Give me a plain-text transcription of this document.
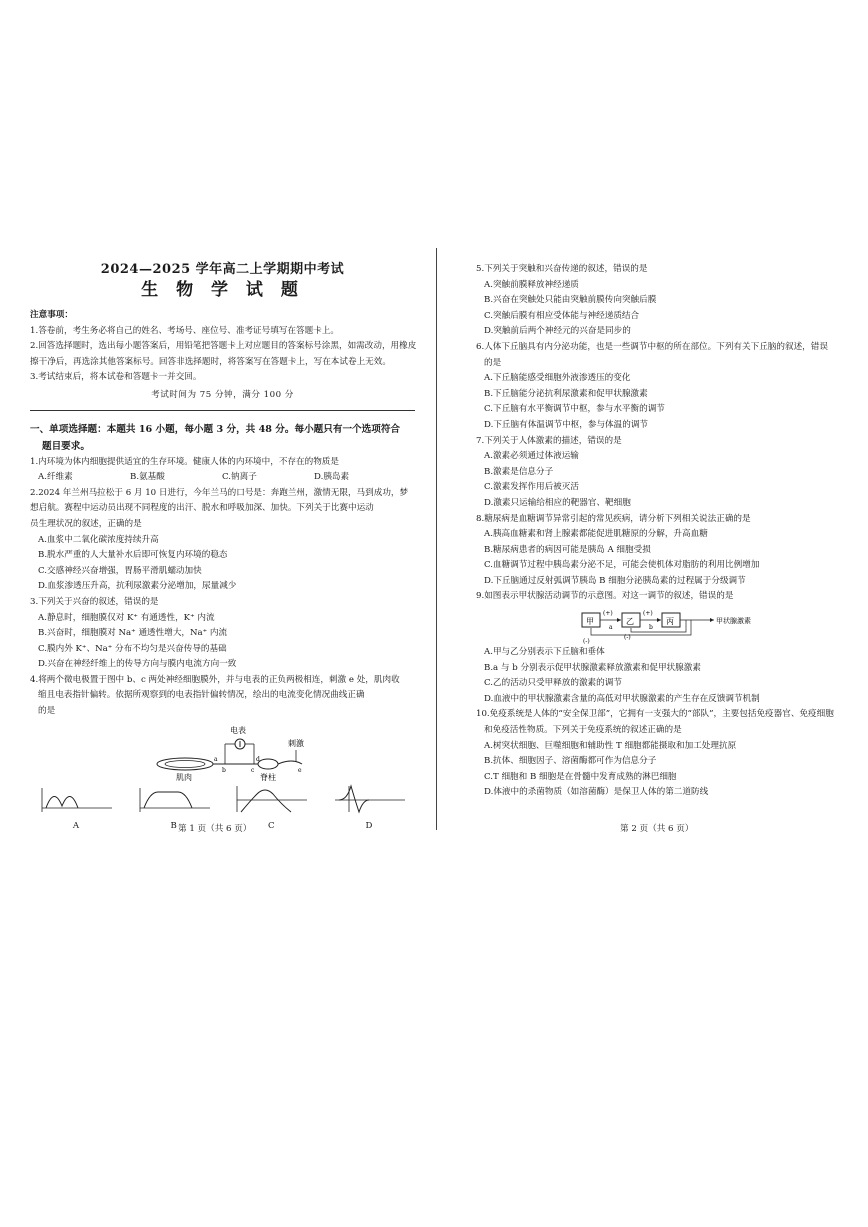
2024—2025 学年高二上学期期中考试
生 物 学 试 题

注意事项：

1.答卷前，考生务必将自己的姓名、考场号、座位号、准考证号填写在答题卡上。

2.回答选择题时，选出每小题答案后，用铅笔把答题卡上对应题目的答案标号涂黑，如需改动，用橡皮

擦干净后，再选涂其他答案标号。回答非选择题时，将答案写在答题卡上，写在本试卷上无效。

3.考试结束后，将本试卷和答题卡一并交回。

考试时间为 75 分钟，满分 100 分

一、单项选择题：本题共 16 小题，每小题 3 分，共 48 分。每小题只有一个选项符合

题目要求。

1.内环境为体内细胞提供适宜的生存环境。健康人体的内环境中，不存在的物质是

A.纤维素	B.氨基酸	C.钠离子	D.胰岛素

2.2024 年兰州马拉松于 6 月 10 日进行，今年兰马的口号是：奔跑兰州，激情无限，马到成功，梦

想启航。赛程中运动员出现不同程度的出汗、脱水和呼吸加深、加快。下列关于比赛中运动

员生理状况的叙述，正确的是

A.血浆中二氧化碳浓度持续升高

B.脱水严重的人大量补水后即可恢复内环境的稳态

C.交感神经兴奋增强，胃肠平滑肌蠕动加快

D.血浆渗透压升高，抗利尿激素分泌增加，尿量减少

3.下列关于兴奋的叙述，错误的是

A.静息时，细胞膜仅对 K⁺ 有通透性，K⁺ 内流

B.兴奋时，细胞膜对 Na⁺ 通透性增大，Na⁺ 内流

C.膜内外 K⁺、Na⁺ 分布不均匀是兴奋传导的基础

D.兴奋在神经纤维上的传导方向与膜内电流方向一致

4.将两个微电极置于图中 b、c 两处神经细胞膜外，并与电表的正负两极相连，刺激 e 处，肌肉收

缩且电表指针偏转。依据所观察到的电表指针偏转情况，绘出的电流变化情况曲线正确

的是

电表
刺激
肌肉	脊柱
a
b	c
d
e
A	B	C	D

5.下列关于突触和兴奋传递的叙述，错误的是

A.突触前膜释放神经递质

B.兴奋在突触处只能由突触前膜传向突触后膜

C.突触后膜有相应受体能与神经递质结合

D.突触前后两个神经元的兴奋是同步的

6.人体下丘脑具有内分泌功能，也是一些调节中枢的所在部位。下列有关下丘脑的叙述，错误

的是

A.下丘脑能感受细胞外液渗透压的变化

B.下丘脑能分泌抗利尿激素和促甲状腺激素

C.下丘脑有水平衡调节中枢，参与水平衡的调节

D.下丘脑有体温调节中枢，参与体温的调节

7.下列关于人体激素的描述，错误的是

A.激素必须通过体液运输

B.激素是信息分子

C.激素发挥作用后被灭活

D.激素只运输给相应的靶器官、靶细胞

8.糖尿病是血糖调节异常引起的常见疾病，请分析下列相关说法正确的是

A.胰高血糖素和肾上腺素都能促进肌糖原的分解，升高血糖

B.糖尿病患者的病因可能是胰岛 A 细胞受损

C.血糖调节过程中胰岛素分泌不足，可能会使机体对脂肪的利用比例增加

D.下丘脑通过反射弧调节胰岛 B 细胞分泌胰岛素的过程属于分级调节

9.如图表示甲状腺活动调节的示意图。对这一调节的叙述，错误的是

甲	乙	丙
(+)	(+)
a	b
(-)
(-)
甲状腺激素

A.甲与乙分别表示下丘脑和垂体

B.a 与 b 分别表示促甲状腺激素释放激素和促甲状腺激素

C.乙的活动只受甲释放的激素的调节

D.血液中的甲状腺激素含量的高低对甲状腺激素的产生存在反馈调节机制

10.免疫系统是人体的“安全保卫部”，它拥有一支强大的“部队”，主要包括免疫器官、免疫细胞

和免疫活性物质。下列关于免疫系统的叙述正确的是

A.树突状细胞、巨噬细胞和辅助性 T 细胞都能摄取和加工处理抗原

B.抗体、细胞因子、溶菌酶都可作为信息分子

C.T 细胞和 B 细胞是在骨髓中发育成熟的淋巴细胞

D.体液中的杀菌物质（如溶菌酶）是保卫人体的第二道防线

第 1 页（共 6 页）	第 2 页（共 6 页）
